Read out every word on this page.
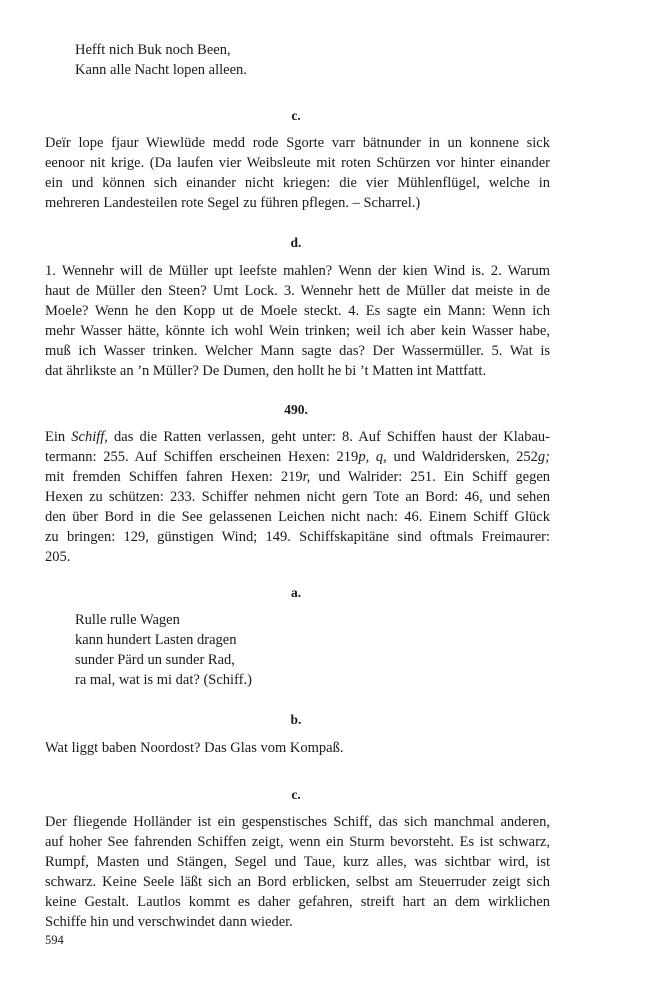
Hefft nich Buk noch Been,
Kann alle Nacht lopen alleen.
c.
Deïr lope fjaur Wiewlüde medd rode Sgorte varr bätnunder in un konnene sick
eenoor nit krige. (Da laufen vier Weibsleute mit roten Schürzen vor hinter einander
ein und können sich einander nicht kriegen: die vier Mühlenflügel, welche in
mehreren Landesteilen rote Segel zu führen pflegen. – Scharrel.)
d.
1. Wennehr will de Müller upt leefste mahlen? Wenn der kien Wind is. 2. Warum
haut de Müller den Steen? Umt Lock. 3. Wennehr hett de Müller dat meiste in de
Moele? Wenn he den Kopp ut de Moele steckt. 4. Es sagte ein Mann: Wenn ich
mehr Wasser hätte, könnte ich wohl Wein trinken; weil ich aber kein Wasser habe,
muß ich Wasser trinken. Welcher Mann sagte das? Der Wassermüller. 5. Wat is
dat ährlikste an ’n Müller? De Dumen, den hollt he bi ’t Matten int Mattfatt.
490.
Ein Schiff, das die Ratten verlassen, geht unter: 8. Auf Schiffen haust der Klabau-
termann: 255. Auf Schiffen erscheinen Hexen: 219p, q, und Waldridersken, 252g;
mit fremden Schiffen fahren Hexen: 219r, und Walrider: 251. Ein Schiff gegen
Hexen zu schützen: 233. Schiffer nehmen nicht gern Tote an Bord: 46, und sehen
den über Bord in die See gelassenen Leichen nicht nach: 46. Einem Schiff Glück
zu bringen: 129, günstigen Wind; 149. Schiffskapitäne sind oftmals Freimaurer:
205.
a.
Rulle rulle Wagen
kann hundert Lasten dragen
sunder Pärd un sunder Rad,
ra mal, wat is mi dat? (Schiff.)
b.
Wat liggt baben Noordost? Das Glas vom Kompaß.
c.
Der fliegende Holländer ist ein gespenstisches Schiff, das sich manchmal anderen,
auf hoher See fahrenden Schiffen zeigt, wenn ein Sturm bevorsteht. Es ist schwarz,
Rumpf, Masten und Stängen, Segel und Taue, kurz alles, was sichtbar wird, ist
schwarz. Keine Seele läßt sich an Bord erblicken, selbst am Steuerruder zeigt sich
keine Gestalt. Lautlos kommt es daher gefahren, streift hart an dem wirklichen
Schiffe hin und verschwindet dann wieder.
594
